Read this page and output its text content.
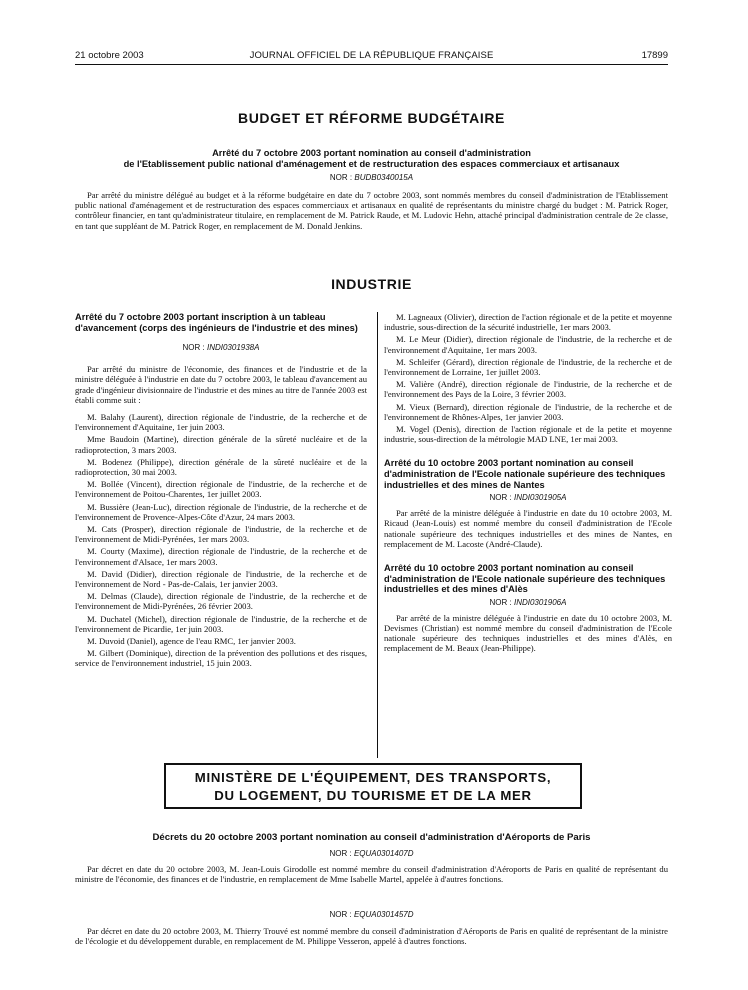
21 octobre 2003	JOURNAL OFFICIEL DE LA RÉPUBLIQUE FRANÇAISE	17899
BUDGET ET RÉFORME BUDGÉTAIRE
Arrêté du 7 octobre 2003 portant nomination au conseil d'administration
de l'Etablissement public national d'aménagement et de restructuration des espaces commerciaux et artisanaux
NOR : BUDB0340015A

Par arrêté du ministre délégué au budget et à la réforme budgétaire en date du 7 octobre 2003, sont nommés membres du conseil d'administration de l'Etablissement public national d'aménagement et de restructuration des espaces commerciaux et artisanaux en qualité de représentants du ministre chargé du budget : M. Patrick Roger, contrôleur financier, en tant qu'administrateur titulaire, en remplacement de M. Patrick Raude, et M. Ludovic Hehn, attaché principal d'administration centrale de 2e classe, en tant que suppléant de M. Patrick Roger, en remplacement de M. Donald Jenkins.

INDUSTRIE
Arrêté du 7 octobre 2003 portant inscription à un tableau d'avancement (corps des ingénieurs de l'industrie et des mines)
NOR : INDI0301938A

Par arrêté du ministre de l'économie, des finances et de l'industrie et de la ministre déléguée à l'industrie en date du 7 octobre 2003, le tableau d'avancement au grade d'ingénieur divisionnaire de l'industrie et des mines au titre de l'année 2003 est établi comme suit :

M. Balahy (Laurent), direction régionale de l'industrie, de la recherche et de l'environnement d'Aquitaine, 1er juin 2003.

Mme Baudoin (Martine), direction générale de la sûreté nucléaire et de la radioprotection, 3 mars 2003.

M. Bodenez (Philippe), direction générale de la sûreté nucléaire et de la radioprotection, 30 mai 2003.

M. Bollée (Vincent), direction régionale de l'industrie, de la recherche et de l'environnement de Poitou-Charentes, 1er juillet 2003.

M. Bussière (Jean-Luc), direction régionale de l'industrie, de la recherche et de l'environnement de Provence-Alpes-Côte d'Azur, 24 mars 2003.

M. Cats (Prosper), direction régionale de l'industrie, de la recherche et de l'environnement de Midi-Pyrénées, 1er mars 2003.

M. Courty (Maxime), direction régionale de l'industrie, de la recherche et de l'environnement d'Alsace, 1er mars 2003.

M. David (Didier), direction régionale de l'industrie, de la recherche et de l'environnement de Nord - Pas-de-Calais, 1er janvier 2003.

M. Delmas (Claude), direction régionale de l'industrie, de la recherche et de l'environnement de Midi-Pyrénées, 26 février 2003.

M. Duchatel (Michel), direction régionale de l'industrie, de la recherche et de l'environnement de Picardie, 1er juin 2003.

M. Duvoid (Daniel), agence de l'eau RMC, 1er janvier 2003.

M. Gilbert (Dominique), direction de la prévention des pollutions et des risques, service de l'environnement industriel, 15 juin 2003.

M. Lagneaux (Olivier), direction de l'action régionale et de la petite et moyenne industrie, sous-direction de la sécurité industrielle, 1er mars 2003.

M. Le Meur (Didier), direction régionale de l'industrie, de la recherche et de l'environnement d'Aquitaine, 1er mars 2003.

M. Schleifer (Gérard), direction régionale de l'industrie, de la recherche et de l'environnement de Lorraine, 1er juillet 2003.

M. Valière (André), direction régionale de l'industrie, de la recherche et de l'environnement des Pays de la Loire, 3 février 2003.

M. Vieux (Bernard), direction régionale de l'industrie, de la recherche et de l'environnement de Rhônes-Alpes, 1er janvier 2003.

M. Vogel (Denis), direction de l'action régionale et de la petite et moyenne industrie, sous-direction de la métrologie MAD LNE, 1er mai 2003.

Arrêté du 10 octobre 2003 portant nomination au conseil d'administration de l'Ecole nationale supérieure des techniques industrielles et des mines de Nantes
NOR : INDI0301905A

Par arrêté de la ministre déléguée à l'industrie en date du 10 octobre 2003, M. Ricaud (Jean-Louis) est nommé membre du conseil d'administration de l'Ecole nationale supérieure des techniques industrielles et des mines de Nantes, en remplacement de M. Lacoste (André-Claude).

Arrêté du 10 octobre 2003 portant nomination au conseil d'administration de l'Ecole nationale supérieure des techniques industrielles et des mines d'Alès
NOR : INDI0301906A

Par arrêté de la ministre déléguée à l'industrie en date du 10 octobre 2003, M. Devismes (Christian) est nommé membre du conseil d'administration de l'Ecole nationale supérieure des techniques industrielles et des mines d'Alès, en remplacement de M. Beaux (Jean-Philippe).

MINISTÈRE DE L'ÉQUIPEMENT, DES TRANSPORTS,
DU LOGEMENT, DU TOURISME ET DE LA MER
Décrets du 20 octobre 2003 portant nomination au conseil d'administration d'Aéroports de Paris
NOR : EQUA0301407D

Par décret en date du 20 octobre 2003, M. Jean-Louis Girodolle est nommé membre du conseil d'administration d'Aéroports de Paris en qualité de représentant du ministre de l'économie, des finances et de l'industrie, en remplacement de Mme Isabelle Martel, appelée à d'autres fonctions.

NOR : EQUA0301457D

Par décret en date du 20 octobre 2003, M. Thierry Trouvé est nommé membre du conseil d'administration d'Aéroports de Paris en qualité de représentant de la ministre de l'écologie et du développement durable, en remplacement de M. Philippe Vesseron, appelé à d'autres fonctions.
